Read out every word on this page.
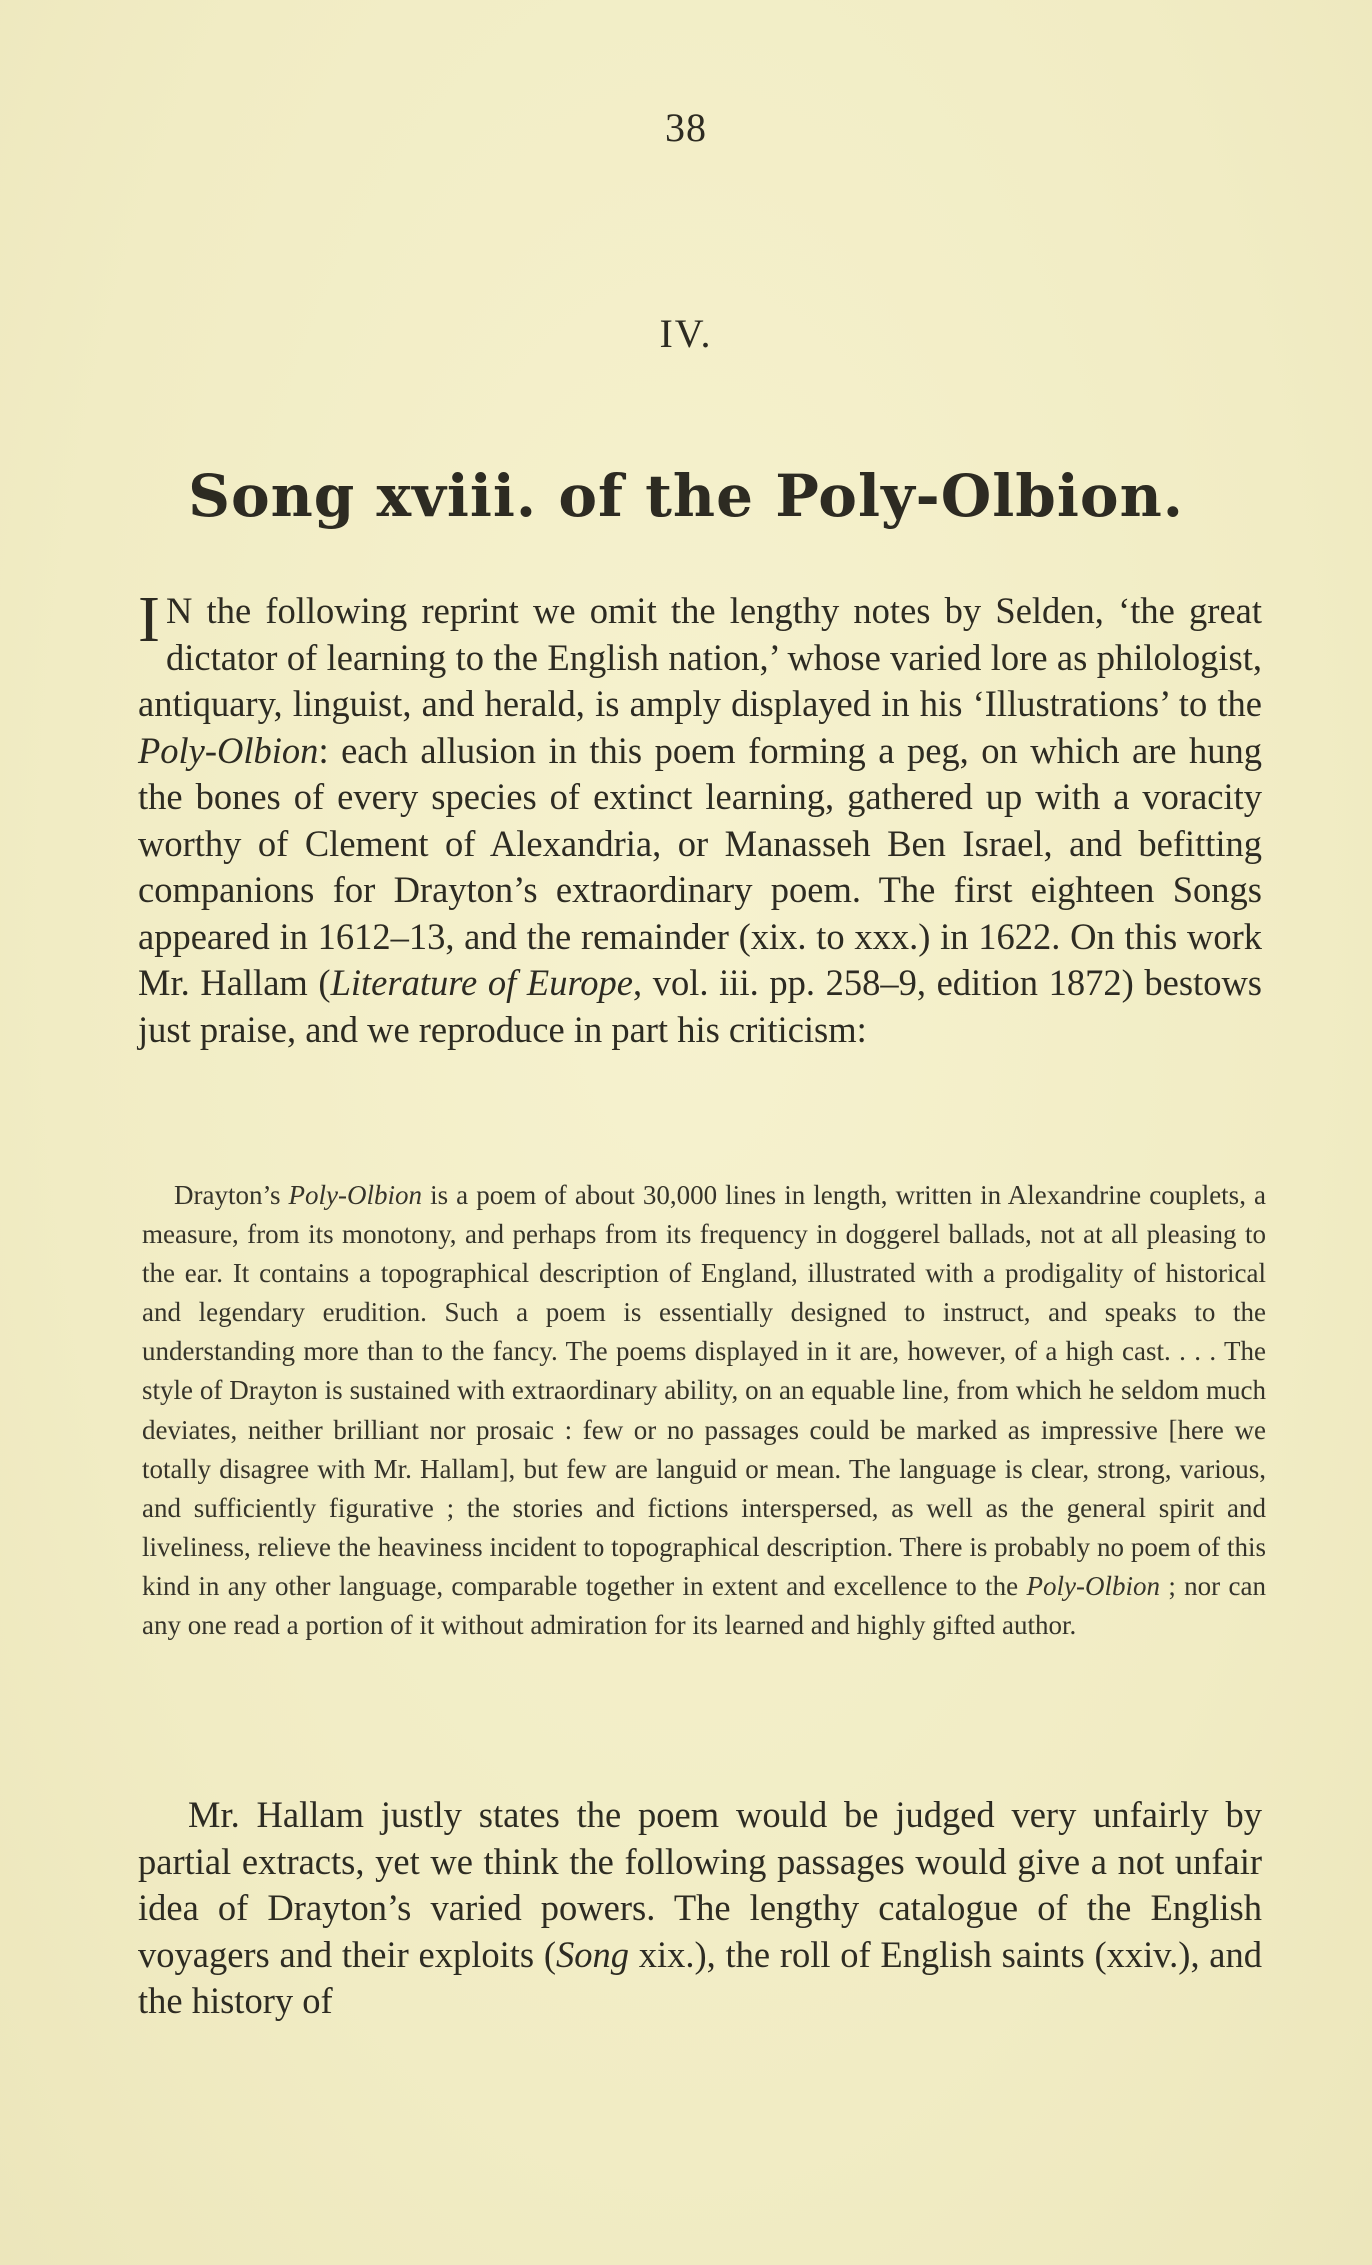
38
IV.
Song xviii. of the Poly-Olbion.

I N the following reprint we omit the lengthy notes by Selden, ‘the great dictator of learning to the English nation,’ whose varied lore as philologist, antiquary, linguist, and herald, is amply displayed in his ‘Illustrations’ to the Poly-Olbion: each allusion in this poem forming a peg, on which are hung the bones of every species of extinct learning, gathered up with a voracity worthy of Clement of Alexandria, or Manasseh Ben Israel, and befitting companions for Drayton’s extraordinary poem. The first eighteen Songs appeared in 1612–13, and the remainder (xix. to xxx.) in 1622. On this work Mr. Hallam (Literature of Europe, vol. iii. pp. 258–9, edition 1872) bestows just praise, and we reproduce in part his criticism:

Drayton’s Poly-Olbion is a poem of about 30,000 lines in length, written in Alexandrine couplets, a measure, from its monotony, and perhaps from its frequency in doggerel ballads, not at all pleasing to the ear. It contains a topographical description of England, illustrated with a prodigality of historical and legendary erudition. Such a poem is essentially designed to instruct, and speaks to the understanding more than to the fancy. The poems displayed in it are, however, of a high cast. . . . The style of Drayton is sustained with extraordinary ability, on an equable line, from which he seldom much deviates, neither brilliant nor prosaic : few or no passages could be marked as impressive [here we totally disagree with Mr. Hallam], but few are languid or mean. The language is clear, strong, various, and sufficiently figurative ; the stories and fictions interspersed, as well as the general spirit and liveliness, relieve the heaviness incident to topographical description. There is probably no poem of this kind in any other language, comparable together in extent and excellence to the Poly-Olbion ; nor can any one read a portion of it without admiration for its learned and highly gifted author.

Mr. Hallam justly states the poem would be judged very unfairly by partial extracts, yet we think the following passages would give a not unfair idea of Drayton’s varied powers. The lengthy catalogue of the English voyagers and their exploits (Song xix.), the roll of English saints (xxiv.), and the history of
